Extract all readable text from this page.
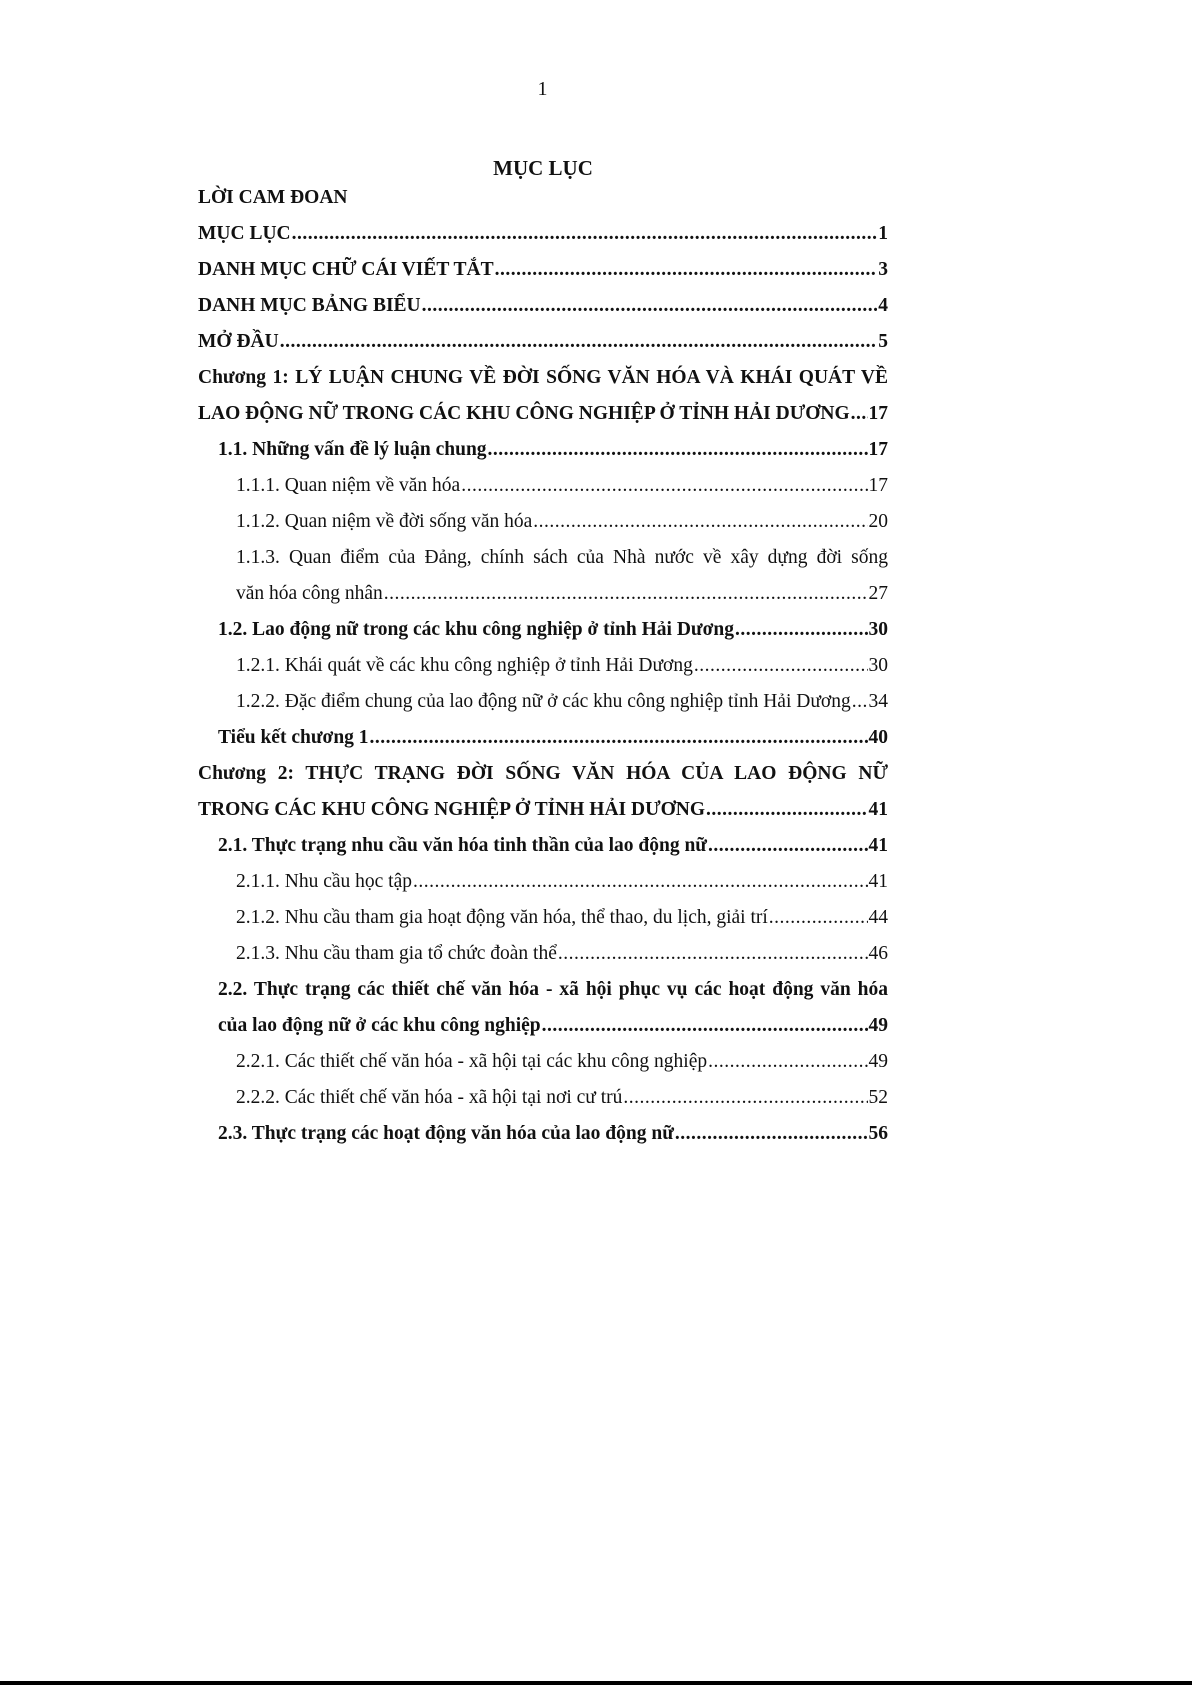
1
MỤC LỤC
LỜI CAM ĐOAN
MỤC LỤC .....	1
DANH MỤC CHỮ CÁI VIẾT TẮT .....	3
DANH MỤC BẢNG BIỂU .....	4
MỞ ĐẦU .....	5
Chương 1: LÝ LUẬN CHUNG VỀ ĐỜI SỐNG VĂN HÓA VÀ KHÁI QUÁT VỀ
LAO ĐỘNG NỮ TRONG CÁC KHU CÔNG NGHIỆP Ở TỈNH HẢI DƯƠNG ..... 17
1.1. Những vấn đề lý luận chung .....	17
1.1.1. Quan niệm về văn hóa .....	17
1.1.2. Quan niệm về đời sống văn hóa .....	20
1.1.3. Quan điểm của Đảng, chính sách của Nhà nước về xây dựng đời sống
văn hóa công nhân .....	27
1.2. Lao động nữ trong các khu công nghiệp ở tỉnh Hải Dương .....	30
1.2.1. Khái quát về các khu công nghiệp ở tỉnh Hải Dương .....	30
1.2.2. Đặc điểm chung của lao động nữ ở các khu công nghiệp tỉnh Hải Dương ..... 34
Tiểu kết chương 1 .....	40
Chương 2: THỰC TRẠNG ĐỜI SỐNG VĂN HÓA CỦA LAO ĐỘNG NỮ
TRONG CÁC KHU CÔNG NGHIỆP Ở TỈNH HẢI DƯƠNG .....	41
2.1. Thực trạng nhu cầu văn hóa tinh thần của lao động nữ .....	41
2.1.1. Nhu cầu học tập .....	41
2.1.2. Nhu cầu tham gia hoạt động văn hóa, thể thao, du lịch, giải trí .....	44
2.1.3. Nhu cầu tham gia tổ chức đoàn thể .....	46
2.2. Thực trạng các thiết chế văn hóa - xã hội phục vụ các hoạt động văn hóa
của lao động nữ ở các khu công nghiệp .....	49
2.2.1. Các thiết chế văn hóa - xã hội tại các khu công nghiệp .....	49
2.2.2. Các thiết chế văn hóa - xã hội tại nơi cư trú .....	52
2.3. Thực trạng các hoạt động văn hóa của lao động nữ .....	56
